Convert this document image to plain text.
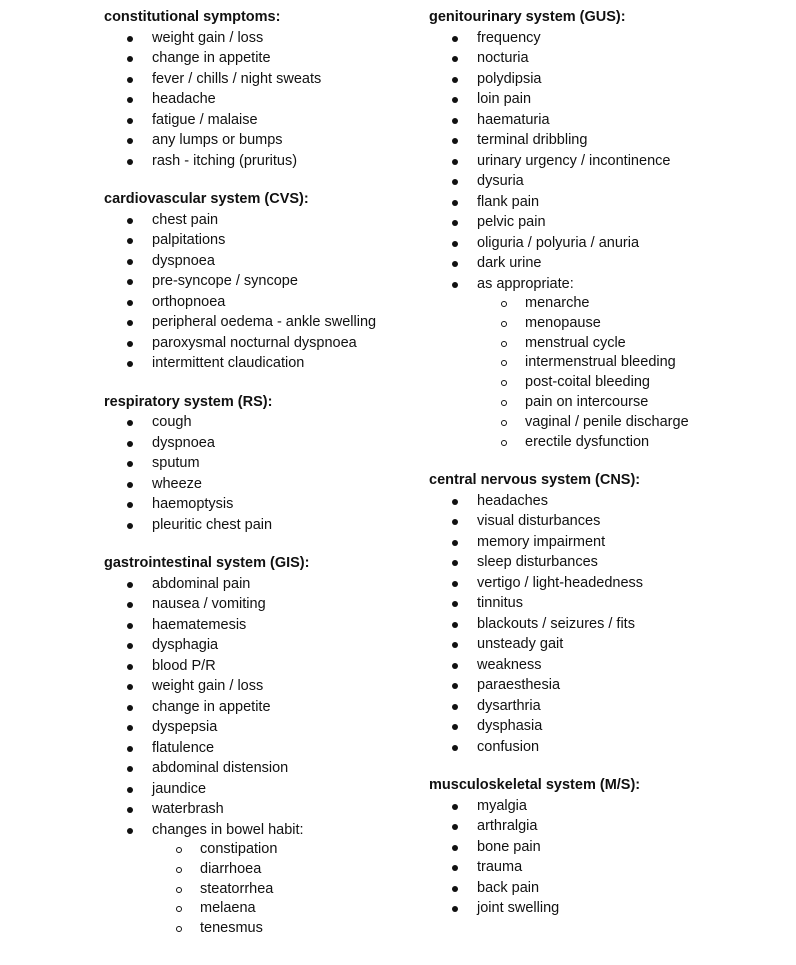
constitutional symptoms:
weight gain / loss
change in appetite
fever / chills / night sweats
headache
fatigue / malaise
any lumps or bumps
rash - itching (pruritus)
cardiovascular system (CVS):
chest pain
palpitations
dyspnoea
pre-syncope / syncope
orthopnoea
peripheral oedema - ankle swelling
paroxysmal nocturnal dyspnoea
intermittent claudication
respiratory system (RS):
cough
dyspnoea
sputum
wheeze
haemoptysis
pleuritic chest pain
gastrointestinal system (GIS):
abdominal pain
nausea / vomiting
haematemesis
dysphagia
blood P/R
weight gain / loss
change in appetite
dyspepsia
flatulence
abdominal distension
jaundice
waterbrash
changes in bowel habit:
constipation
diarrhoea
steatorrhea
melaena
tenesmus
genitourinary system (GUS):
frequency
nocturia
polydipsia
loin pain
haematuria
terminal dribbling
urinary urgency / incontinence
dysuria
flank pain
pelvic pain
oliguria / polyuria / anuria
dark urine
as appropriate:
menarche
menopause
menstrual cycle
intermenstrual bleeding
post-coital bleeding
pain on intercourse
vaginal / penile discharge
erectile dysfunction
central nervous system (CNS):
headaches
visual disturbances
memory impairment
sleep disturbances
vertigo / light-headedness
tinnitus
blackouts / seizures / fits
unsteady gait
weakness
paraesthesia
dysarthria
dysphasia
confusion
musculoskeletal system (M/S):
myalgia
arthralgia
bone pain
trauma
back pain
joint swelling
